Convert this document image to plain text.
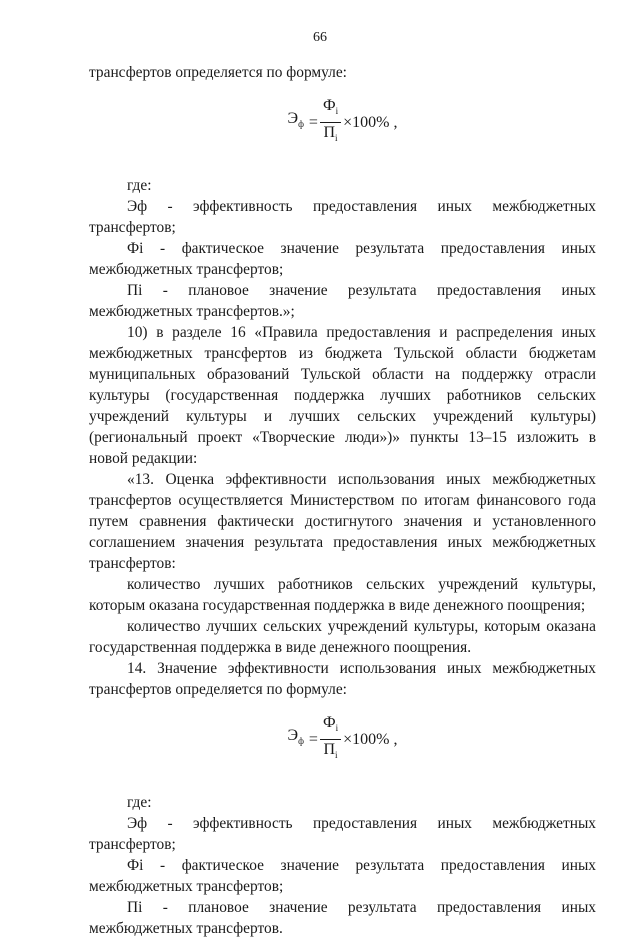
66

трансфертов определяется по формуле:

$Э_ф = \frac{Ф_i}{П_i} \times 100\%$ ,

где:

Эф - эффективность предоставления иных межбюджетных трансфертов;

Фi - фактическое значение результата предоставления иных межбюджетных трансфертов;

Пi - плановое значение результата предоставления иных межбюджетных трансфертов.»;

10) в разделе 16 «Правила предоставления и распределения иных межбюджетных трансфертов из бюджета Тульской области бюджетам муниципальных образований Тульской области на поддержку отрасли культуры (государственная поддержка лучших работников сельских учреждений культуры и лучших сельских учреждений культуры) (региональный проект «Творческие люди»)» пункты 13–15 изложить в новой редакции:

«13. Оценка эффективности использования иных межбюджетных трансфертов осуществляется Министерством по итогам финансового года путем сравнения фактически достигнутого значения и установленного соглашением значения результата предоставления иных межбюджетных трансфертов:

количество лучших работников сельских учреждений культуры, которым оказана государственная поддержка в виде денежного поощрения;

количество лучших сельских учреждений культуры, которым оказана государственная поддержка в виде денежного поощрения.

14. Значение эффективности использования иных межбюджетных трансфертов определяется по формуле:

$Э_ф = \frac{Ф_i}{П_i} \times 100\%$ ,

где:

Эф - эффективность предоставления иных межбюджетных трансфертов;

Фi - фактическое значение результата предоставления иных межбюджетных трансфертов;

Пi - плановое значение результата предоставления иных межбюджетных трансфертов.
